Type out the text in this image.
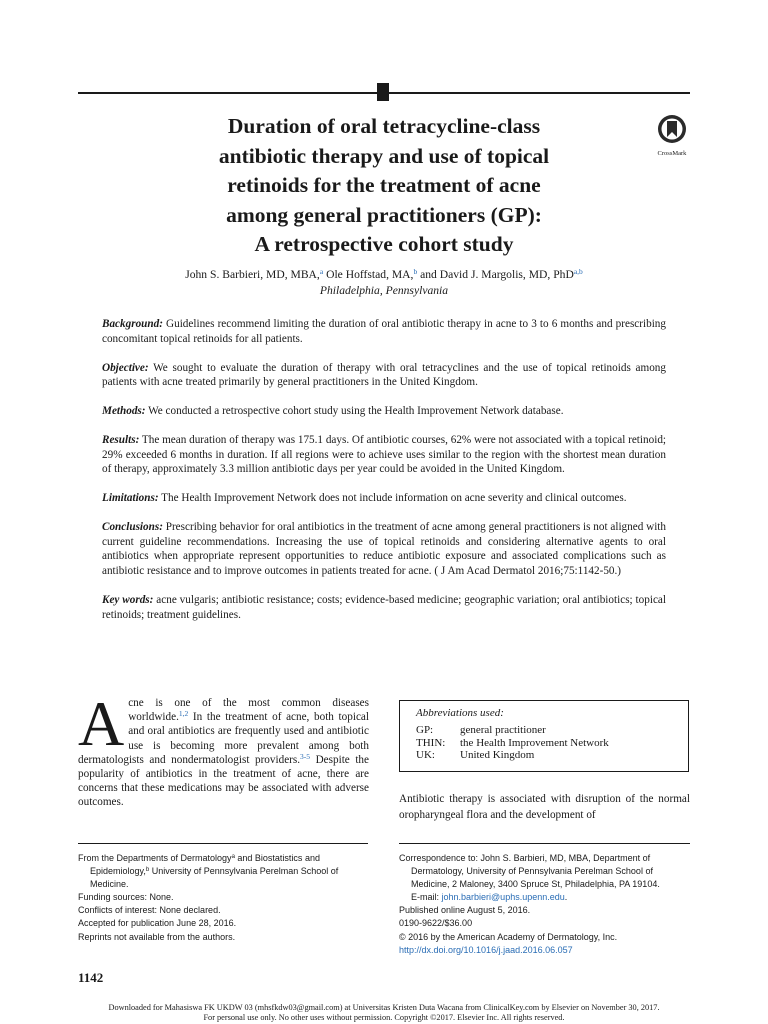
Duration of oral tetracycline-class
antibiotic therapy and use of topical
retinoids for the treatment of acne
among general practitioners (GP):
A retrospective cohort study
CrossMark
John S. Barbieri, MD, MBA,$^a$ Ole Hoffstad, MA,$^b$ and David J. Margolis, MD, PhD$^{a,b}$
Philadelphia, Pennsylvania

Background: Guidelines recommend limiting the duration of oral antibiotic therapy in acne to 3 to 6 months and prescribing concomitant topical retinoids for all patients.

Objective: We sought to evaluate the duration of therapy with oral tetracyclines and the use of topical retinoids among patients with acne treated primarily by general practitioners in the United Kingdom.

Methods: We conducted a retrospective cohort study using the Health Improvement Network database.

Results: The mean duration of therapy was 175.1 days. Of antibiotic courses, 62% were not associated with a topical retinoid; 29% exceeded 6 months in duration. If all regions were to achieve uses similar to the region with the shortest mean duration of therapy, approximately 3.3 million antibiotic days per year could be avoided in the United Kingdom.

Limitations: The Health Improvement Network does not include information on acne severity and clinical outcomes.

Conclusions: Prescribing behavior for oral antibiotics in the treatment of acne among general practitioners is not aligned with current guideline recommendations. Increasing the use of topical retinoids and considering alternative agents to oral antibiotics when appropriate represent opportunities to reduce antibiotic exposure and associated complications such as antibiotic resistance and to improve outcomes in patients treated for acne. ( J Am Acad Dermatol 2016;75:1142-50.)

Key words: acne vulgaris; antibiotic resistance; costs; evidence-based medicine; geographic variation; oral antibiotics; topical retinoids; treatment guidelines.

Acne is one of the most common diseases worldwide.$^{1,2}$ In the treatment of acne, both topical and oral antibiotics are frequently used and antibiotic use is becoming more prevalent among both dermatologists and nondermatologist providers.$^{3-5}$ Despite the popularity of antibiotics in the treatment of acne, there are concerns that these medications may be associated with adverse outcomes.
Abbreviations used:
GP:	general practitioner
THIN:	the Health Improvement Network
UK:	United Kingdom
Antibiotic therapy is associated with disruption of the normal oropharyngeal flora and the development of
From the Departments of Dermatology$^a$ and Biostatistics and Epidemiology,$^b$ University of Pennsylvania Perelman School of Medicine.
Funding sources: None.
Conflicts of interest: None declared.
Accepted for publication June 28, 2016.
Reprints not available from the authors.
Correspondence to: John S. Barbieri, MD, MBA, Department of Dermatology, University of Pennsylvania Perelman School of Medicine, 2 Maloney, 3400 Spruce St, Philadelphia, PA 19104.
E-mail: john.barbieri@uphs.upenn.edu.
Published online August 5, 2016.
0190-9622/$36.00
© 2016 by the American Academy of Dermatology, Inc.
http://dx.doi.org/10.1016/j.jaad.2016.06.057
1142
Downloaded for Mahasiswa FK UKDW 03 (mhsfkdw03@gmail.com) at Universitas Kristen Duta Wacana from ClinicalKey.com by Elsevier on November 30, 2017.
For personal use only. No other uses without permission. Copyright ©2017. Elsevier Inc. All rights reserved.
